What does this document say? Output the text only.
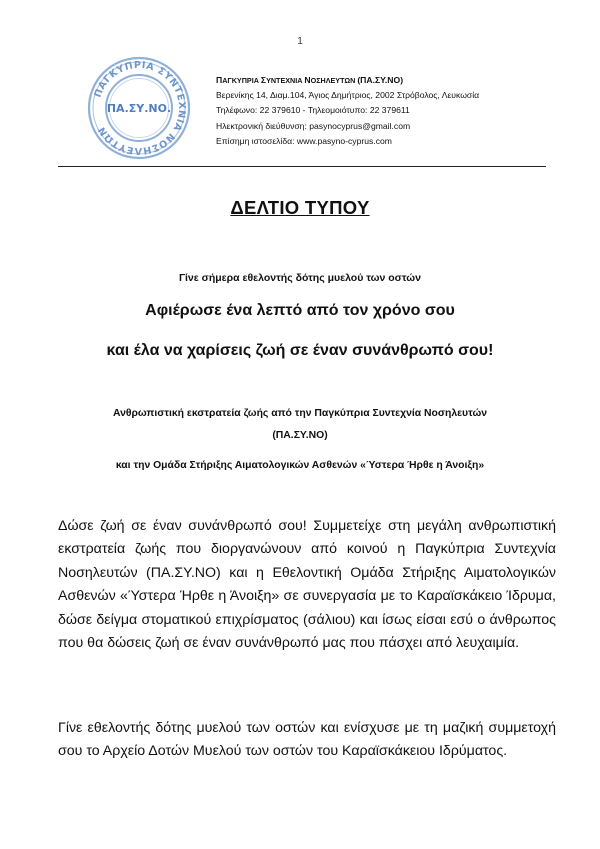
1
ΠΑΓΚΥΠΡΙΑ ΣΥΝΤΕΧΝΙΑ ΝΟΣΗΛΕΥΤΩΝ
ΠΑ.ΣΥ.ΝΟ.
ΠΑΓΚΥΠΡΙΑ ΣΥΝΤΕΧΝΙΑ ΝΟΣΗΛΕΥΤΩΝ (ΠΑ.ΣΥ.ΝΟ)
Βερενίκης 14, Διαμ.104, Άγιος Δημήτριος, 2002 Στρόβολος, Λευκωσία
Τηλέφωνο: 22 379610 - Τηλεομοιότυπο: 22 379611
Ηλεκτρονική διεύθυνση: pasynocyprus@gmail.com
Επίσημη ιστοσελίδα: www.pasyno-cyprus.com
ΔΕΛΤΙΟ ΤΥΠΟΥ
Γίνε σήμερα εθελοντής δότης μυελού των οστών
Αφιέρωσε ένα λεπτό από τον χρόνο σου
και έλα να χαρίσεις ζωή σε έναν συνάνθρωπό σου!
Ανθρωπιστική εκστρατεία ζωής από την Παγκύπρια Συντεχνία Νοσηλευτών
(ΠΑ.ΣΥ.ΝΟ)
και την Ομάδα Στήριξης Αιματολογικών Ασθενών «Ύστερα Ήρθε η Άνοιξη»
Δώσε ζωή σε έναν συνάνθρωπό σου! Συμμετείχε στη μεγάλη ανθρωπιστική εκστρατεία ζωής που διοργανώνουν από κοινού η Παγκύπρια Συντεχνία Νοσηλευτών (ΠΑ.ΣΥ.ΝΟ) και η Εθελοντική Ομάδα Στήριξης Αιματολογικών Ασθενών «Ύστερα Ήρθε η Άνοιξη» σε συνεργασία με το Καραϊσκάκειο Ίδρυμα, δώσε δείγμα στοματικού επιχρίσματος (σάλιου) και ίσως είσαι εσύ ο άνθρωπος που θα δώσεις ζωή σε έναν συνάνθρωπό μας που πάσχει από λευχαιμία.
Γίνε εθελοντής δότης μυελού των οστών και ενίσχυσε με τη μαζική συμμετοχή σου το Αρχείο Δοτών Μυελού των οστών του Καραϊσκάκειου Ιδρύματος.
